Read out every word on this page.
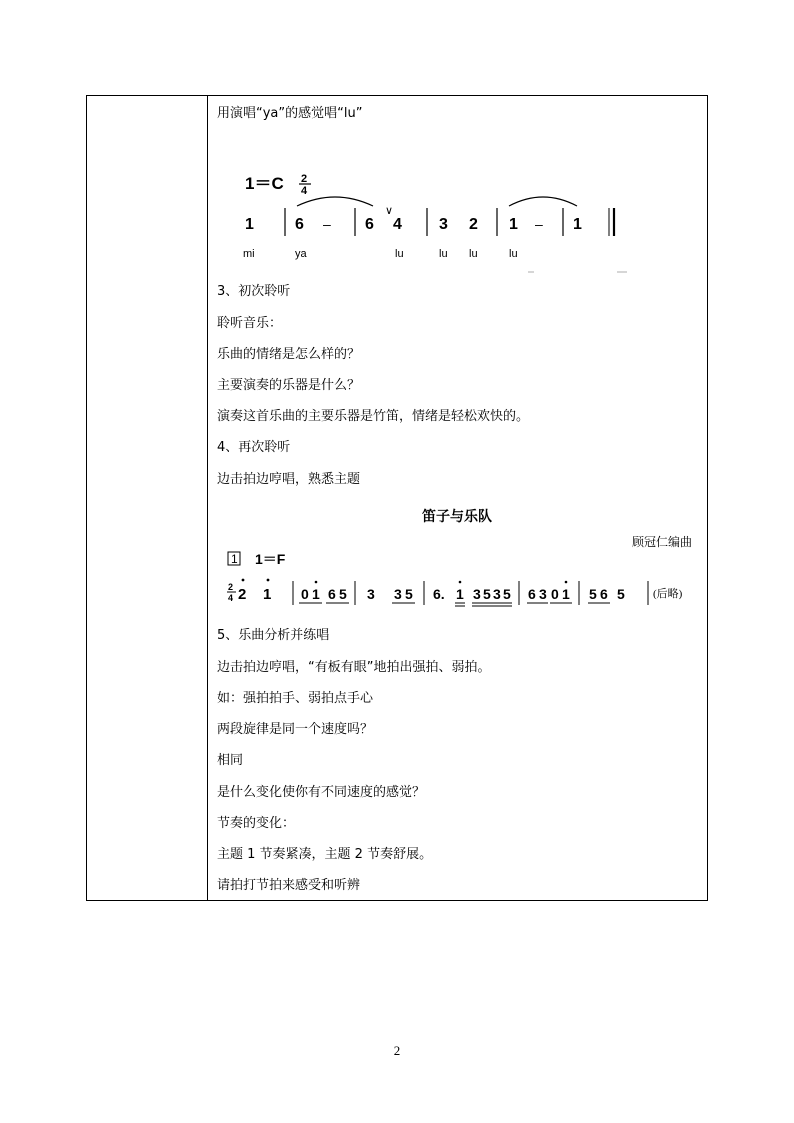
用演唱“ya”的感觉唱“lu”
1＝C 2
4
1	6 – 6
∨
4 3 2 1 – 1
mi	ya	lu	lu lu	lu
3、初次聆听
聆听音乐：
乐曲的情绪是怎么样的？
主要演奏的乐器是什么？
演奏这首乐曲的主要乐器是竹笛，情绪是轻松欢快的。
4、再次聆听
边击拍边哼唱，熟悉主题
笛子与乐队
顾冠仁编曲
1 1＝F
2
4 2 1 0 1 6 5 3 3 5 6. 1 3 5 3 5 6 3 0 1 5 6 5	(后略)
5、乐曲分析并练唱
边击拍边哼唱，“有板有眼”地拍出强拍、弱拍。
如：强拍拍手、弱拍点手心
两段旋律是同一个速度吗？
相同
是什么变化使你有不同速度的感觉？
节奏的变化：
主题 1 节奏紧凑，主题 2 节奏舒展。
请拍打节拍来感受和听辨
2
